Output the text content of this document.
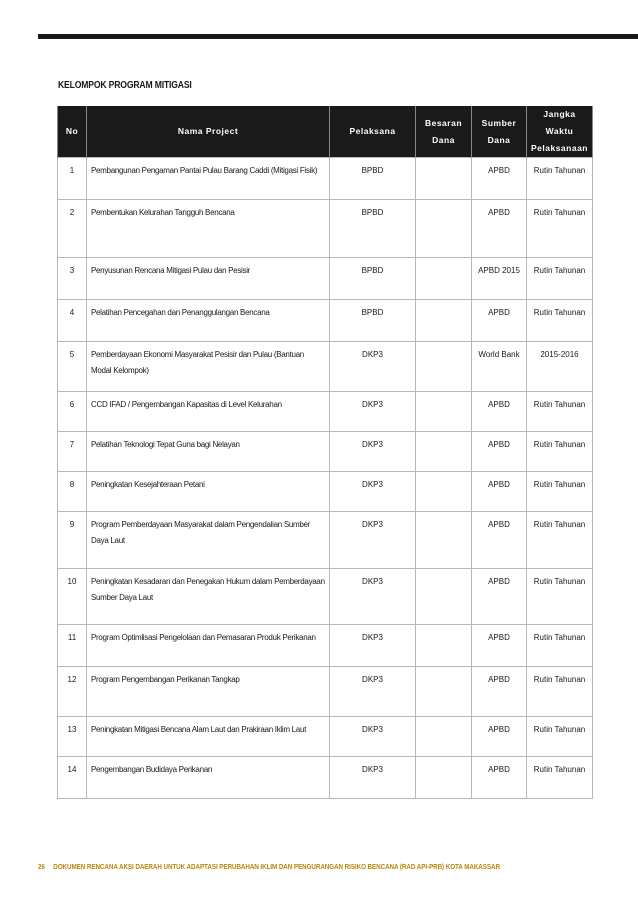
KELOMPOK PROGRAM MITIGASI
No	Nama Project	Pelaksana	Besaran Dana	Sumber Dana	Jangka Waktu Pelaksanaan
1	Pembangunan Pengaman Pantai Pulau Barang Caddi (Mitigasi Fisik)	BPBD		APBD	Rutin Tahunan
2	Pembentukan Kelurahan Tangguh Bencana	BPBD		APBD	Rutin Tahunan
3	Penyusunan Rencana Mitigasi Pulau dan Pesisir	BPBD		APBD 2015	Rutin Tahunan
4	Pelatihan Pencegahan dan Penanggulangan Bencana	BPBD		APBD	Rutin Tahunan
5	Pemberdayaan Ekonomi Masyarakat Pesisir dan Pulau (Bantuan Modal Kelompok)	DKP3		World Bank	2015-2016
6	CCD IFAD / Pengembangan Kapasitas di Level Kelurahan	DKP3		APBD	Rutin Tahunan
7	Pelatihan Teknologi Tepat Guna bagi Nelayan	DKP3		APBD	Rutin Tahunan
8	Peningkatan Kesejahteraan Petani	DKP3		APBD	Rutin Tahunan
9	Program Pemberdayaan Masyarakat dalam Pengendalian Sumber Daya Laut	DKP3		APBD	Rutin Tahunan
10	Peningkatan Kesadaran dan Penegakan Hukum dalam Pemberdayaan Sumber Daya Laut	DKP3		APBD	Rutin Tahunan
11	Program Optimlisasi Pengelolaan dan Pemasaran Produk Perikanan	DKP3		APBD	Rutin Tahunan
12	Program Pengembangan Perikanan Tangkap	DKP3		APBD	Rutin Tahunan
13	Peningkatan Mitigasi Bencana Alam Laut dan Prakiraan Iklim Laut	DKP3		APBD	Rutin Tahunan
14	Pengembangan Budidaya Perikanan	DKP3		APBD	Rutin Tahunan
26 DOKUMEN RENCANA AKSI DAERAH UNTUK ADAPTASI PERUBAHAN IKLIM DAN PENGURANGAN RISIKO BENCANA (RAD API-PRB) KOTA MAKASSAR
